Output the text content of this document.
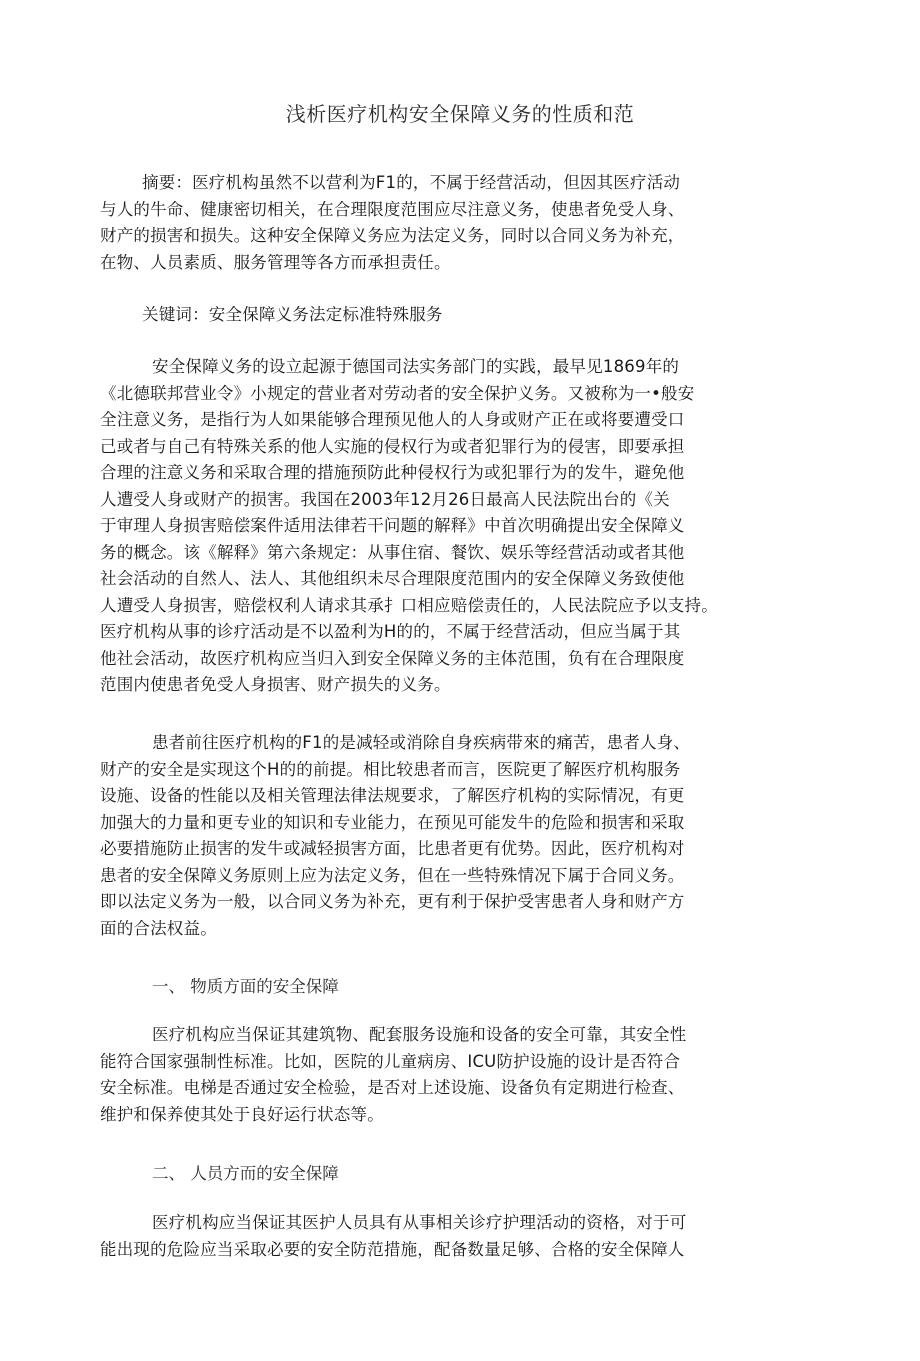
浅析医疗机构安全保障义务的性质和范
摘要：医疗机构虽然不以营利为F1的，不属于经营活动，但因其医疗活动
与人的牛命、健康密切相关，在合理限度范围应尽注意义务，使患者免受人身、
财产的损害和损失。这种安全保障义务应为法定义务，同时以合同义务为补充，
在物、人员素质、服务管理等各方而承担责任。
关键词：安全保障义务法定标准特殊服务
安全保障义务的设立起源于德国司法实务部门的实践，最早见1869年的
《北德联邦营业令》小规定的营业者对劳动者的安全保护义务。又被称为一•般安
全注意义务，是指行为人如果能够合理预见他人的人身或财产正在或将要遭受口
己或者与自己有特殊关系的他人实施的侵权行为或者犯罪行为的侵害，即要承担
合理的注意义务和采取合理的措施预防此种侵权行为或犯罪行为的发牛，避免他
人遭受人身或财产的损害。我国在2003年12月26日最高人民法院出台的《关
于审理人身损害赔偿案件适用法律若干问题的解释》中首次明确提出安全保障义
务的概念。该《解释》第六条规定：从事住宿、餐饮、娱乐等经营活动或者其他
社会活动的自然人、法人、其他组织未尽合理限度范围内的安全保障义务致使他
人遭受人身损害，赔偿权利人请求其承扌口相应赔偿责任的，人民法院应予以支持。
医疗机构从事的诊疗活动是不以盈利为H的的，不属于经营活动，但应当属于其
他社会活动，故医疗机构应当归入到安全保障义务的主体范围，负有在合理限度
范围内使患者免受人身损害、财产损失的义务。
患者前往医疗机构的F1的是减轻或消除自身疾病带來的痛苦，患者人身、
财产的安全是实现这个H的的前提。相比较患者而言，医院更了解医疗机构服务
设施、设备的性能以及相关管理法律法规要求，了解医疗机构的实际情况，有更
加强大的力量和更专业的知识和专业能力，在预见可能发牛的危险和损害和采取
必要措施防止损害的发牛或减轻损害方面，比患者更有优势。因此，医疗机构对
患者的安全保障义务原则上应为法定义务，但在一些特殊情况下属于合同义务。
即以法定义务为一般，以合同义务为补充，更有利于保护受害患者人身和财产方
面的合法权益。
一、 物质方面的安全保障
医疗机构应当保证其建筑物、配套服务设施和设备的安全可靠，其安全性
能符合国家强制性标准。比如，医院的儿童病房、ICU防护设施的设计是否符合
安全标准。电梯是否通过安全检验，是否对上述设施、设备负有定期进行检查、
维护和保养使其处于良好运行状态等。
二、 人员方而的安全保障
医疗机构应当保证其医护人员具有从事相关诊疗护理活动的资格，对于可
能出现的危险应当采取必要的安全防范措施，配备数量足够、合格的安全保障人
